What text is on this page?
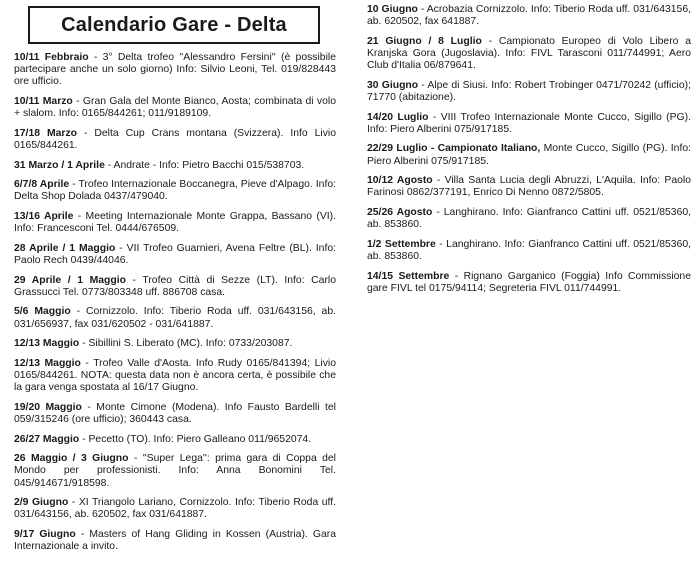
Calendario Gare - Delta

10/11 Febbraio - 3° Delta trofeo ''Alessandro Fersini'' (è possibile partecipare anche un solo giorno) Info: Silvio Leoni, Tel. 019/828443 ore ufficio.

10/11 Marzo - Gran Gala del Monte Bianco, Aosta; combinata di volo + slalom. Info: 0165/844261; 011/9189109.

17/18 Marzo - Delta Cup Crans montana (Svizzera). Info Livio 0165/844261.

31 Marzo / 1 Aprile - Andrate - Info: Pietro Bacchi 015/538703.

6/7/8 Aprile - Trofeo Internazionale Boccanegra, Pieve d'Alpago. Info: Delta Shop Dolada 0437/479040.

13/16 Aprile - Meeting Internazionale Monte Grappa, Bassano (VI). Info: Francesconi Tel. 0444/676509.

28 Aprile / 1 Maggio - VII Trofeo Guarnieri, Avena Feltre (BL). Info: Paolo Rech 0439/44046.

29 Aprile / 1 Maggio - Trofeo Città di Sezze (LT). Info: Carlo Grassucci Tel. 0773/803348 uff. 886708 casa.

5/6 Maggio - Cornizzolo. Info: Tiberio Roda uff. 031/643156, ab. 031/656937, fax 031/620502 - 031/641887.

12/13 Maggio - Sibillini S. Liberato (MC). Info: 0733/203087.

12/13 Maggio - Trofeo Valle d'Aosta. Info Rudy 0165/841394; Livio 0165/844261. NOTA: questa data non è ancora certa, è possibile che la gara venga spostata al 16/17 Giugno.

19/20 Maggio - Monte Cimone (Modena). Info Fausto Bardelli tel 059/315246 (ore ufficio); 360443 casa.

26/27 Maggio - Pecetto (TO). Info: Piero Galleano 011/9652074.

26 Maggio / 3 Giugno - ''Super Lega'': prima gara di Coppa del Mondo per professionisti. Info: Anna Bonomini Tel. 045/914671/918598.

2/9 Giugno - XI Triangolo Lariano, Cornizzolo. Info: Tiberio Roda uff. 031/643156, ab. 620502, fax 031/641887.

9/17 Giugno - Masters of Hang Gliding in Kossen (Austria). Gara Internazionale a invito.

10 Giugno - Acrobazia Cornizzolo. Info: Tiberio Roda uff. 031/643156, ab. 620502, fax 641887.

21 Giugno / 8 Luglio - Campionato Europeo di Volo Libero a Kranjska Gora (Jugoslavia). Info: FIVL Tarasconi 011/744991; Aero Club d'Italia 06/879641.

30 Giugno - Alpe di Siusi. Info: Robert Trobinger 0471/70242 (ufficio); 71770 (abitazione).

14/20 Luglio - VIII Trofeo Internazionale Monte Cucco, Sigillo (PG). Info: Piero Alberini 075/917185.

22/29 Luglio - Campionato Italiano, Monte Cucco, Sigillo (PG). Info: Piero Alberini 075/917185.

10/12 Agosto - Villa Santa Lucia degli Abruzzi, L'Aquila. Info: Paolo Farinosi 0862/377191, Enrico Di Nenno 0872/5805.

25/26 Agosto - Langhirano. Info: Gianfranco Cattini uff. 0521/85360, ab. 853860.

1/2 Settembre - Langhirano. Info: Gianfranco Cattini uff. 0521/85360, ab. 853860.

14/15 Settembre - Rignano Garganico (Foggia) Info Commissione gare FIVL tel 0175/94114; Segreteria FIVL 011/744991.
